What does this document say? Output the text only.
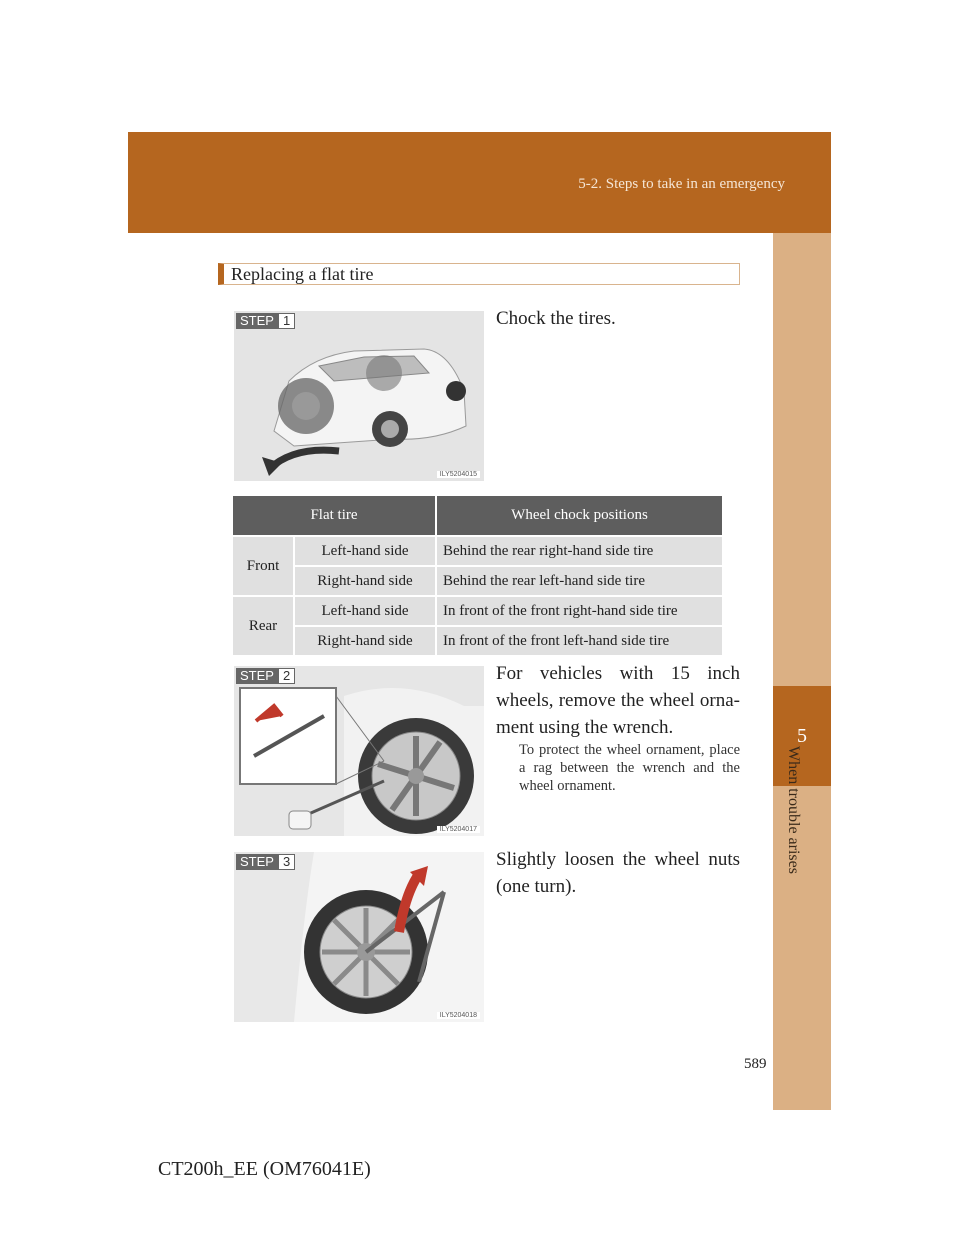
5-2. Steps to take in an emergency
5
When trouble arises
Replacing a flat tire
STEP 1
ILY5204015
Chock the tires.
Flat tire		Wheel chock positions
Front	Left-hand side	Behind the rear right-hand side tire
	Right-hand side	Behind the rear left-hand side tire
Rear	Left-hand side	In front of the front right-hand side tire
	Right-hand side	In front of the front left-hand side tire
STEP 2
ILY5204017
For vehicles with 15 inch wheels, remove the wheel orna- ment using the wrench.
To protect the wheel ornament, place a rag between the wrench and the wheel ornament.
STEP 3
ILY5204018
Slightly loosen the wheel nuts (one turn).
589
CT200h_EE (OM76041E)
